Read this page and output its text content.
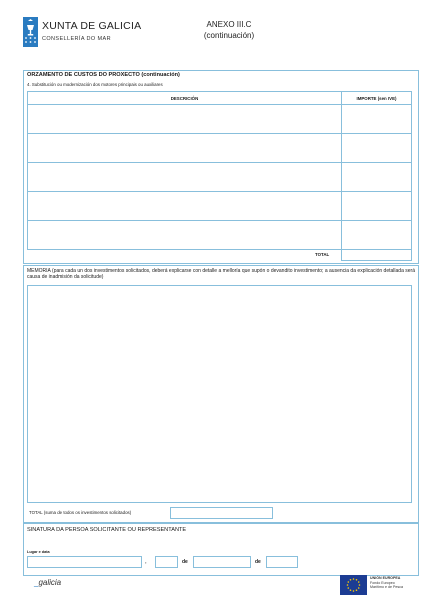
XUNTA DE GALICIA
CONSELLERÍA DO MAR
ANEXO III.C
(continuación)
ORZAMENTO DE CUSTOS DO PROXECTO (continuación)
4. Substitución ou modernización dos motores principais ou auxiliares
DESCRICIÓN	IMPORTE (sen IVE)
TOTAL
MEMORIA (para cada un dos investimentos solicitados, deberá explicarse con detalle a melloría que supón o devandito investimento; a ausencia da explicación detallada será causa de inadmisión da solicitude)
TOTAL (suma de todos os investimentos solicitados)
SINATURA DA PERSOA SOLICITANTE OU REPRESENTANTE
Lugar e data
,	de	de
_galicia	UNIÓN EUROPEA
Fondo Europeo
Marítimo e de Pesca
